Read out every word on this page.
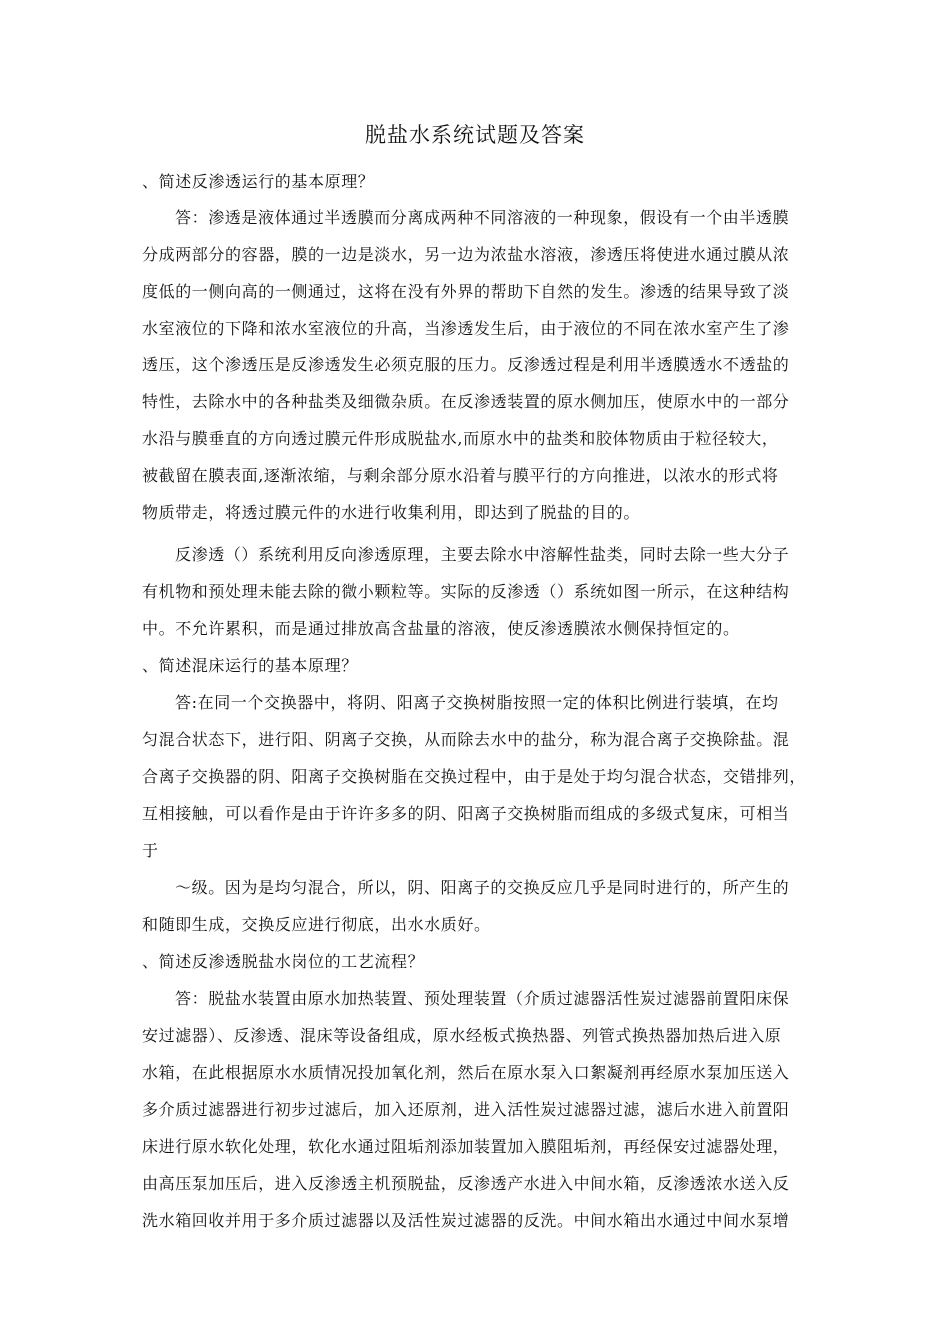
脱盐水系统试题及答案
、简述反渗透运行的基本原理？
答：渗透是液体通过半透膜而分离成两种不同溶液的一种现象，假设有一个由半透膜
分成两部分的容器，膜的一边是淡水，另一边为浓盐水溶液，渗透压将使进水通过膜从浓
度低的一侧向高的一侧通过，这将在没有外界的帮助下自然的发生。渗透的结果导致了淡
水室液位的下降和浓水室液位的升高，当渗透发生后，由于液位的不同在浓水室产生了渗
透压，这个渗透压是反渗透发生必须克服的压力。反渗透过程是利用半透膜透水不透盐的
特性，去除水中的各种盐类及细微杂质。在反渗透装置的原水侧加压，使原水中的一部分
水沿与膜垂直的方向透过膜元件形成脱盐水,而原水中的盐类和胶体物质由于粒径较大，
被截留在膜表面,逐渐浓缩，与剩余部分原水沿着与膜平行的方向推进，以浓水的形式将
物质带走，将透过膜元件的水进行收集利用，即达到了脱盐的目的。
反渗透（）系统利用反向渗透原理，主要去除水中溶解性盐类，同时去除一些大分子
有机物和预处理未能去除的微小颗粒等。实际的反渗透（）系统如图一所示，在这种结构
中。不允许累积，而是通过排放高含盐量的溶液，使反渗透膜浓水侧保持恒定的。
、简述混床运行的基本原理？
答:在同一个交换器中，将阴、阳离子交换树脂按照一定的体积比例进行装填，在均
匀混合状态下，进行阳、阴离子交换，从而除去水中的盐分，称为混合离子交换除盐。混
合离子交换器的阴、阳离子交换树脂在交换过程中，由于是处于均匀混合状态，交错排列，
互相接触，可以看作是由于许许多多的阴、阳离子交换树脂而组成的多级式复床，可相当
于
～级。因为是均匀混合，所以，阴、阳离子的交换反应几乎是同时进行的，所产生的
和随即生成，交换反应进行彻底，出水水质好。
、简述反渗透脱盐水岗位的工艺流程？
答：脱盐水装置由原水加热装置、预处理装置（介质过滤器活性炭过滤器前置阳床保
安过滤器）、反渗透、混床等设备组成，原水经板式换热器、列管式换热器加热后进入原
水箱，在此根据原水水质情况投加氧化剂，然后在原水泵入口絮凝剂再经原水泵加压送入
多介质过滤器进行初步过滤后，加入还原剂，进入活性炭过滤器过滤，滤后水进入前置阳
床进行原水软化处理，软化水通过阻垢剂添加装置加入膜阻垢剂，再经保安过滤器处理，
由高压泵加压后，进入反渗透主机预脱盐，反渗透产水进入中间水箱，反渗透浓水送入反
洗水箱回收并用于多介质过滤器以及活性炭过滤器的反洗。中间水箱出水通过中间水泵增
